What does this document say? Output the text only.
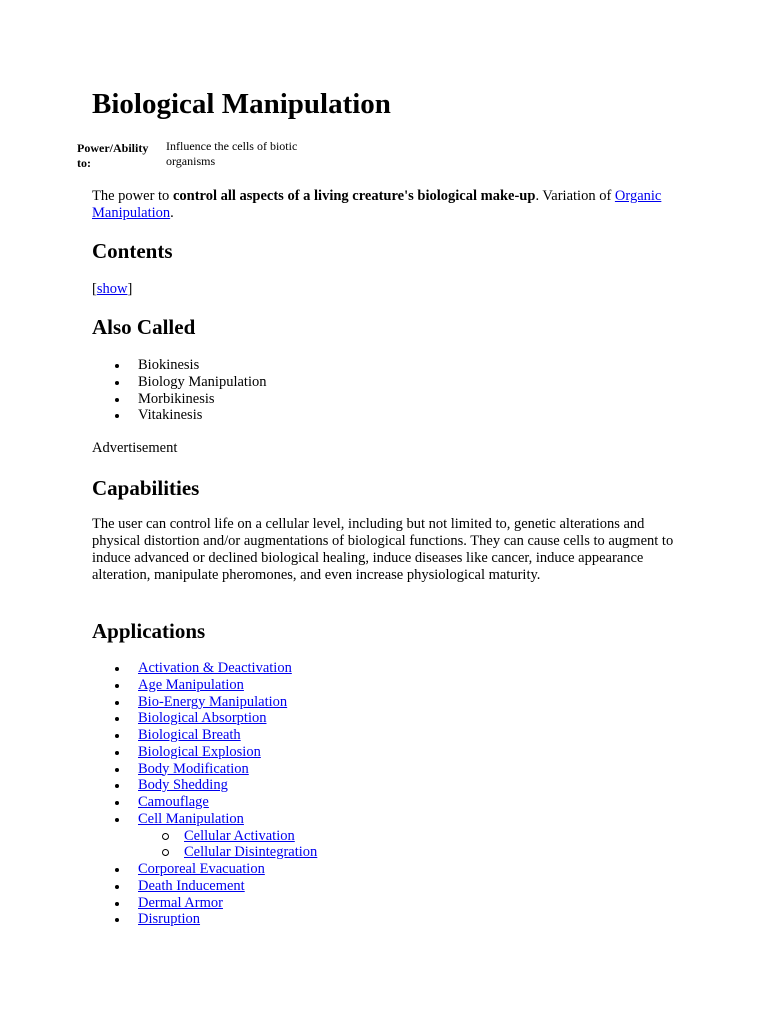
Biological Manipulation
Power/Ability to:
Influence the cells of biotic organisms

The power to control all aspects of a living creature's biological make-up. Variation of Organic Manipulation.

Contents

[show]

Also Called
Biokinesis
Biology Manipulation
Morbikinesis
Vitakinesis

Advertisement

Capabilities

The user can control life on a cellular level, including but not limited to, genetic alterations and physical distortion and/or augmentations of biological functions. They can cause cells to augment to induce advanced or declined biological healing, induce diseases like cancer, induce appearance alteration, manipulate pheromones, and even increase physiological maturity.

Applications
Activation & Deactivation
Age Manipulation
Bio-Energy Manipulation
Biological Absorption
Biological Breath
Biological Explosion
Body Modification
Body Shedding
Camouflage
Cell Manipulation
Cellular Activation
Cellular Disintegration
Corporeal Evacuation
Death Inducement
Dermal Armor
Disruption
